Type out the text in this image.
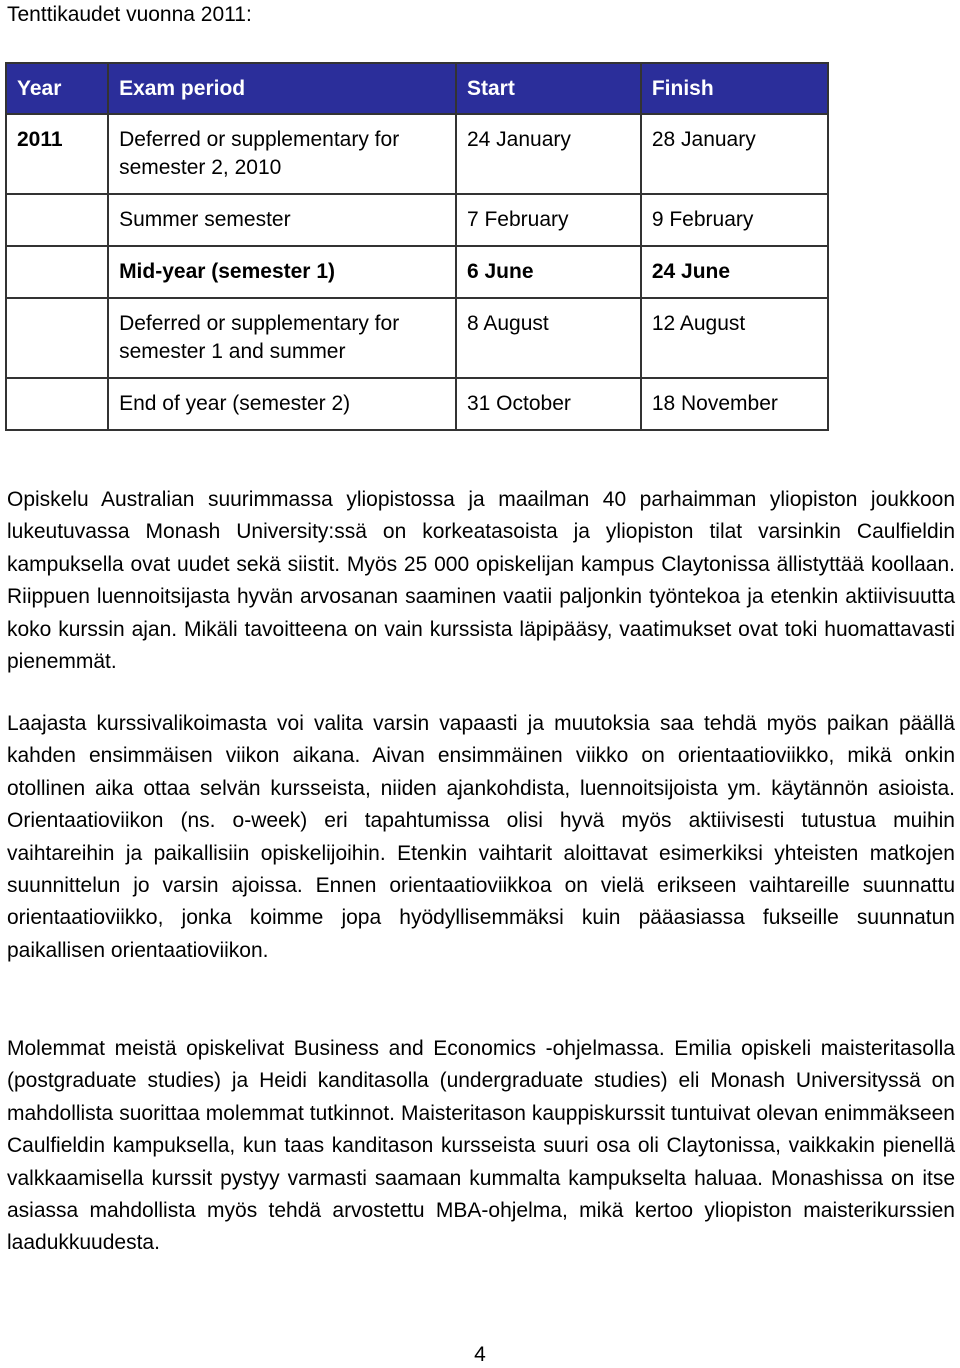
Tenttikaudet vuonna 2011:
Year	Exam period	Start	Finish
2011	Deferred or supplementary for semester 2, 2010	24 January	28 January
	Summer semester	7 February	9 February
	Mid-year (semester 1)	6 June	24 June
	Deferred or supplementary for semester 1 and summer	8 August	12 August
	End of year (semester 2)	31 October	18 November

Opiskelu Australian suurimmassa yliopistossa ja maailman 40 parhaimman yliopiston joukkoon lukeutuvassa Monash University:ssä on korkeatasoista ja yliopiston tilat varsinkin Caulfieldin kampuksella ovat uudet sekä siistit. Myös 25 000 opiskelijan kampus Claytonissa ällistyttää koollaan. Riippuen luennoitsijasta hyvän arvosanan saaminen vaatii paljonkin työntekoa ja etenkin aktiivisuutta koko kurssin ajan. Mikäli tavoitteena on vain kurssista läpipääsy, vaatimukset ovat toki huomattavasti pienemmät.

Laajasta kurssivalikoimasta voi valita varsin vapaasti ja muutoksia saa tehdä myös paikan päällä kahden ensimmäisen viikon aikana. Aivan ensimmäinen viikko on orientaatioviikko, mikä onkin otollinen aika ottaa selvän kursseista, niiden ajankohdista, luennoitsijoista ym. käytännön asioista. Orientaatioviikon (ns. o-week) eri tapahtumissa olisi hyvä myös aktiivisesti tutustua muihin vaihtareihin ja paikallisiin opiskelijoihin. Etenkin vaihtarit aloittavat esimerkiksi yhteisten matkojen suunnittelun jo varsin ajoissa. Ennen orientaatioviikkoa on vielä erikseen vaihtareille suunnattu orientaatioviikko, jonka koimme jopa hyödyllisemmäksi kuin pääasiassa fukseille suunnatun paikallisen orientaatioviikon.

Molemmat meistä opiskelivat Business and Economics -ohjelmassa. Emilia opiskeli maisteritasolla (postgraduate studies) ja Heidi kanditasolla (undergraduate studies) eli Monash Universityssä on mahdollista suorittaa molemmat tutkinnot. Maisteritason kauppiskurssit tuntuivat olevan enimmäkseen Caulfieldin kampuksella, kun taas kanditason kursseista suuri osa oli Claytonissa, vaikkakin pienellä valkkaamisella kurssit pystyy varmasti saamaan kummalta kampukselta haluaa. Monashissa on itse asiassa mahdollista myös tehdä arvostettu MBA-ohjelma, mikä kertoo yliopiston maisterikurssien laadukkuudesta.

4
